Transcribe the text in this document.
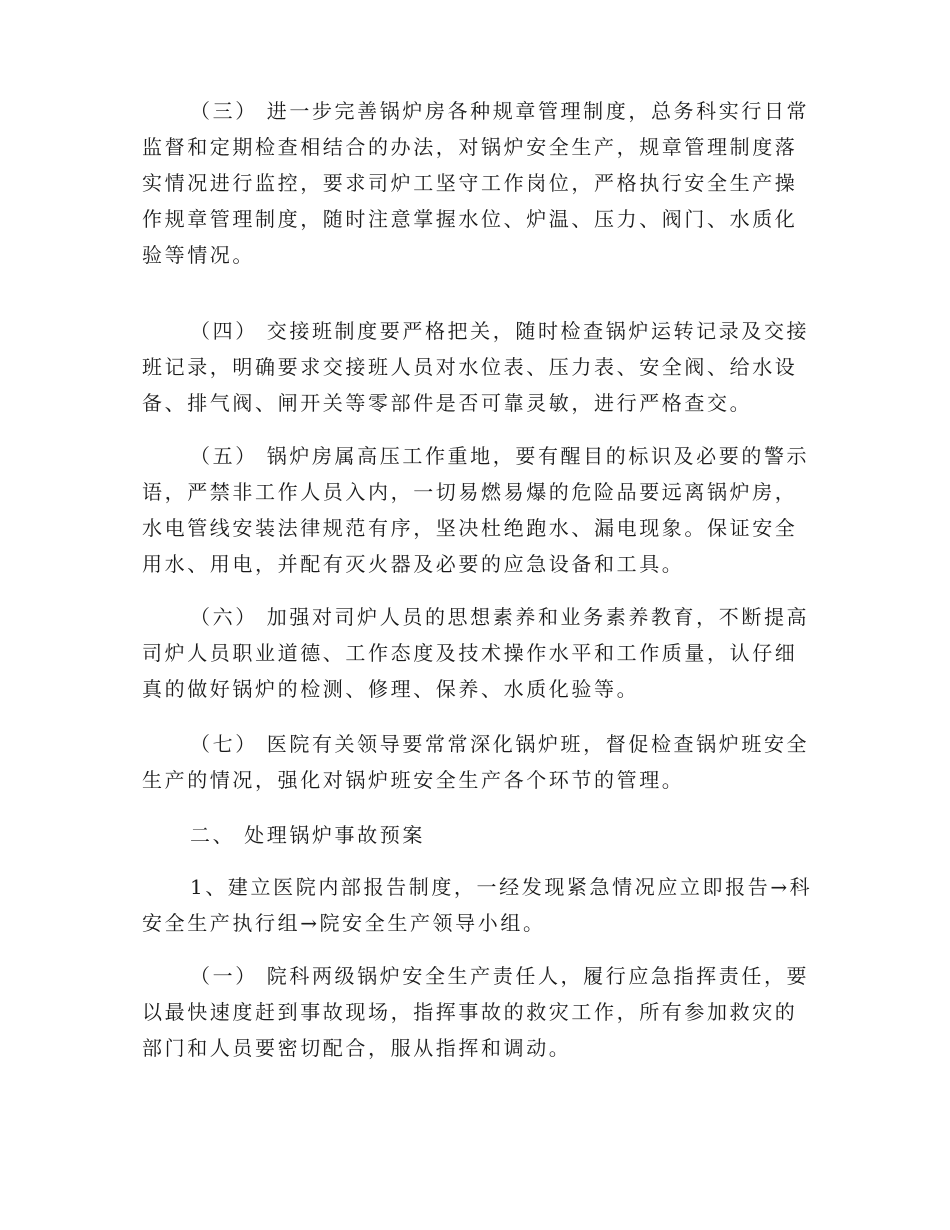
（三） 进一步完善锅炉房各种规章管理制度，总务科实行日常监督和定期检查相结合的办法，对锅炉安全生产，规章管理制度落实情况进行监控，要求司炉工坚守工作岗位，严格执行安全生产操作规章管理制度，随时注意掌握水位、炉温、压力、阀门、水质化验等情况。

（四） 交接班制度要严格把关，随时检查锅炉运转记录及交接班记录，明确要求交接班人员对水位表、压力表、安全阀、给水设备、排气阀、闸开关等零部件是否可靠灵敏，进行严格查交。

（五） 锅炉房属高压工作重地，要有醒目的标识及必要的警示语，严禁非工作人员入内，一切易燃易爆的危险品要远离锅炉房，水电管线安装法律规范有序，坚决杜绝跑水、漏电现象。保证安全用水、用电，并配有灭火器及必要的应急设备和工具。

（六） 加强对司炉人员的思想素养和业务素养教育，不断提高司炉人员职业道德、工作态度及技术操作水平和工作质量，认仔细真的做好锅炉的检测、修理、保养、水质化验等。

（七） 医院有关领导要常常深化锅炉班，督促检查锅炉班安全生产的情况，强化对锅炉班安全生产各个环节的管理。

二、 处理锅炉事故预案

1、建立医院内部报告制度，一经发现紧急情况应立即报告→科安全生产执行组→院安全生产领导小组。

（一） 院科两级锅炉安全生产责任人，履行应急指挥责任，要以最快速度赶到事故现场，指挥事故的救灾工作，所有参加救灾的部门和人员要密切配合，服从指挥和调动。
